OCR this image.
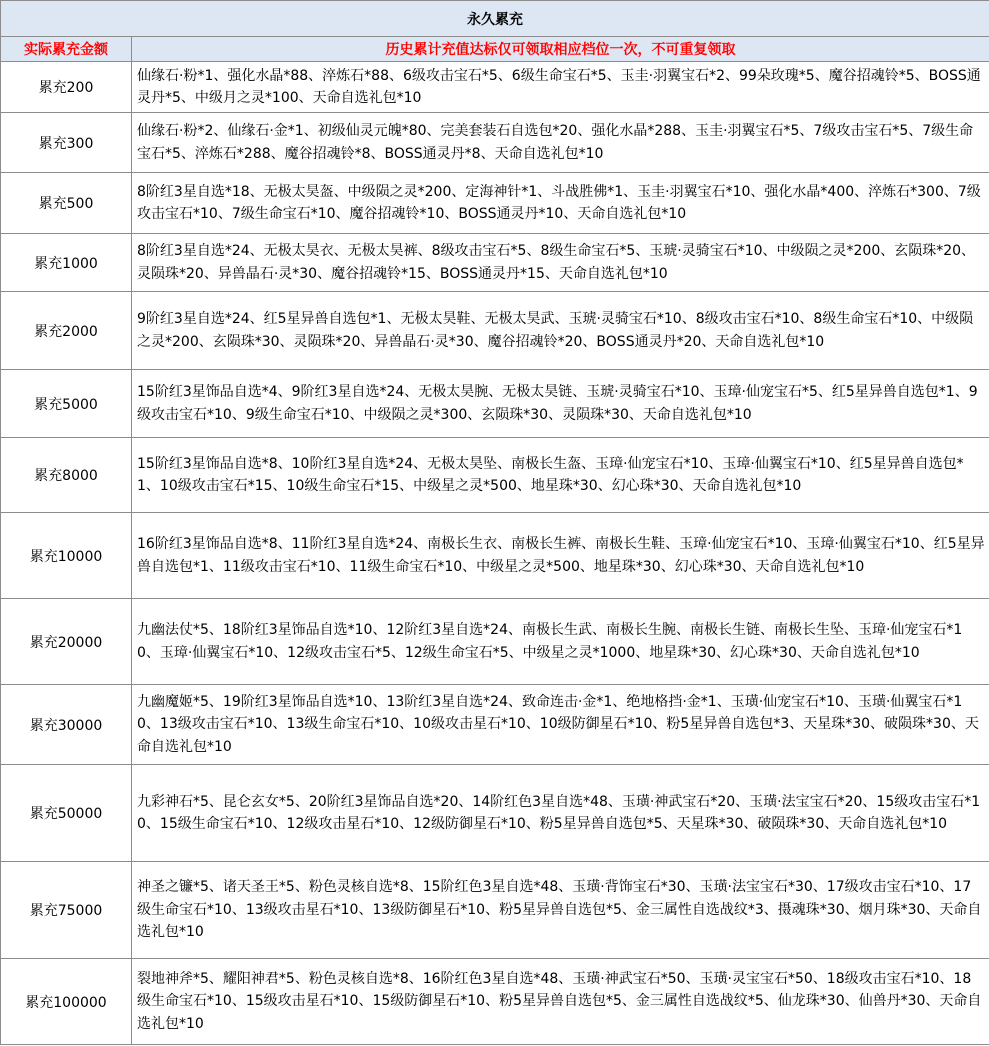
永久累充	
实际累充金额	历史累计充值达标仅可领取相应档位一次，不可重复领取
累充200	仙缘石·粉*1、强化水晶*88、淬炼石*88、6级攻击宝石*5、6级生命宝石*5、玉圭·羽翼宝石*2、99朵玫瑰*5、魔谷招魂铃*5、BOSS通灵丹*5、中级月之灵*100、天命自选礼包*10
累充300	仙缘石·粉*2、仙缘石·金*1、初级仙灵元魄*80、完美套装石自选包*20、强化水晶*288、玉圭·羽翼宝石*5、7级攻击宝石*5、7级生命宝石*5、淬炼石*288、魔谷招魂铃*8、BOSS通灵丹*8、天命自选礼包*10
累充500	8阶红3星自选*18、无极太昊盔、中级陨之灵*200、定海神针*1、斗战胜佛*1、玉圭·羽翼宝石*10、强化水晶*400、淬炼石*300、7级攻击宝石*10、7级生命宝石*10、魔谷招魂铃*10、BOSS通灵丹*10、天命自选礼包*10
累充1000	8阶红3星自选*24、无极太昊衣、无极太昊裤、8级攻击宝石*5、8级生命宝石*5、玉琥·灵骑宝石*10、中级陨之灵*200、玄陨珠*20、灵陨珠*20、异兽晶石·灵*30、魔谷招魂铃*15、BOSS通灵丹*15、天命自选礼包*10
累充2000	9阶红3星自选*24、红5星异兽自选包*1、无极太昊鞋、无极太昊武、玉琥·灵骑宝石*10、8级攻击宝石*10、8级生命宝石*10、中级陨之灵*200、玄陨珠*30、灵陨珠*20、异兽晶石·灵*30、魔谷招魂铃*20、BOSS通灵丹*20、天命自选礼包*10
累充5000	15阶红3星饰品自选*4、9阶红3星自选*24、无极太昊腕、无极太昊链、玉琥·灵骑宝石*10、玉璋·仙宠宝石*5、红5星异兽自选包*1、9级攻击宝石*10、9级生命宝石*10、中级陨之灵*300、玄陨珠*30、灵陨珠*30、天命自选礼包*10
累充8000	15阶红3星饰品自选*8、10阶红3星自选*24、无极太昊坠、南极长生盔、玉璋·仙宠宝石*10、玉璋·仙翼宝石*10、红5星异兽自选包*1、10级攻击宝石*15、10级生命宝石*15、中级星之灵*500、地星珠*30、幻心珠*30、天命自选礼包*10
累充10000	16阶红3星饰品自选*8、11阶红3星自选*24、南极长生衣、南极长生裤、南极长生鞋、玉璋·仙宠宝石*10、玉璋·仙翼宝石*10、红5星异兽自选包*1、11级攻击宝石*10、11级生命宝石*10、中级星之灵*500、地星珠*30、幻心珠*30、天命自选礼包*10
累充20000	九幽法仗*5、18阶红3星饰品自选*10、12阶红3星自选*24、南极长生武、南极长生腕、南极长生链、南极长生坠、玉璋·仙宠宝石*10、玉璋·仙翼宝石*10、12级攻击宝石*5、12级生命宝石*5、中级星之灵*1000、地星珠*30、幻心珠*30、天命自选礼包*10
累充30000	九幽魔姬*5、19阶红3星饰品自选*10、13阶红3星自选*24、致命连击·金*1、绝地格挡·金*1、玉璜·仙宠宝石*10、玉璜·仙翼宝石*10、13级攻击宝石*10、13级生命宝石*10、10级攻击星石*10、10级防御星石*10、粉5星异兽自选包*3、天星珠*30、破陨珠*30、天命自选礼包*10
累充50000	九彩神石*5、昆仑玄女*5、20阶红3星饰品自选*20、14阶红色3星自选*48、玉璜·神武宝石*20、玉璜·法宝宝石*20、15级攻击宝石*10、15级生命宝石*10、12级攻击星石*10、12级防御星石*10、粉5星异兽自选包*5、天星珠*30、破陨珠*30、天命自选礼包*10
累充75000	神圣之镰*5、诸天圣王*5、粉色灵核自选*8、15阶红色3星自选*48、玉璜·背饰宝石*30、玉璜·法宝宝石*30、17级攻击宝石*10、17级生命宝石*10、13级攻击星石*10、13级防御星石*10、粉5星异兽自选包*5、金三属性自选战纹*3、摄魂珠*30、烟月珠*30、天命自选礼包*10
累充100000	裂地神斧*5、耀阳神君*5、粉色灵核自选*8、16阶红色3星自选*48、玉璜·神武宝石*50、玉璜·灵宝宝石*50、18级攻击宝石*10、18级生命宝石*10、15级攻击星石*10、15级防御星石*10、粉5星异兽自选包*5、金三属性自选战纹*5、仙龙珠*30、仙兽丹*30、天命自选礼包*10
